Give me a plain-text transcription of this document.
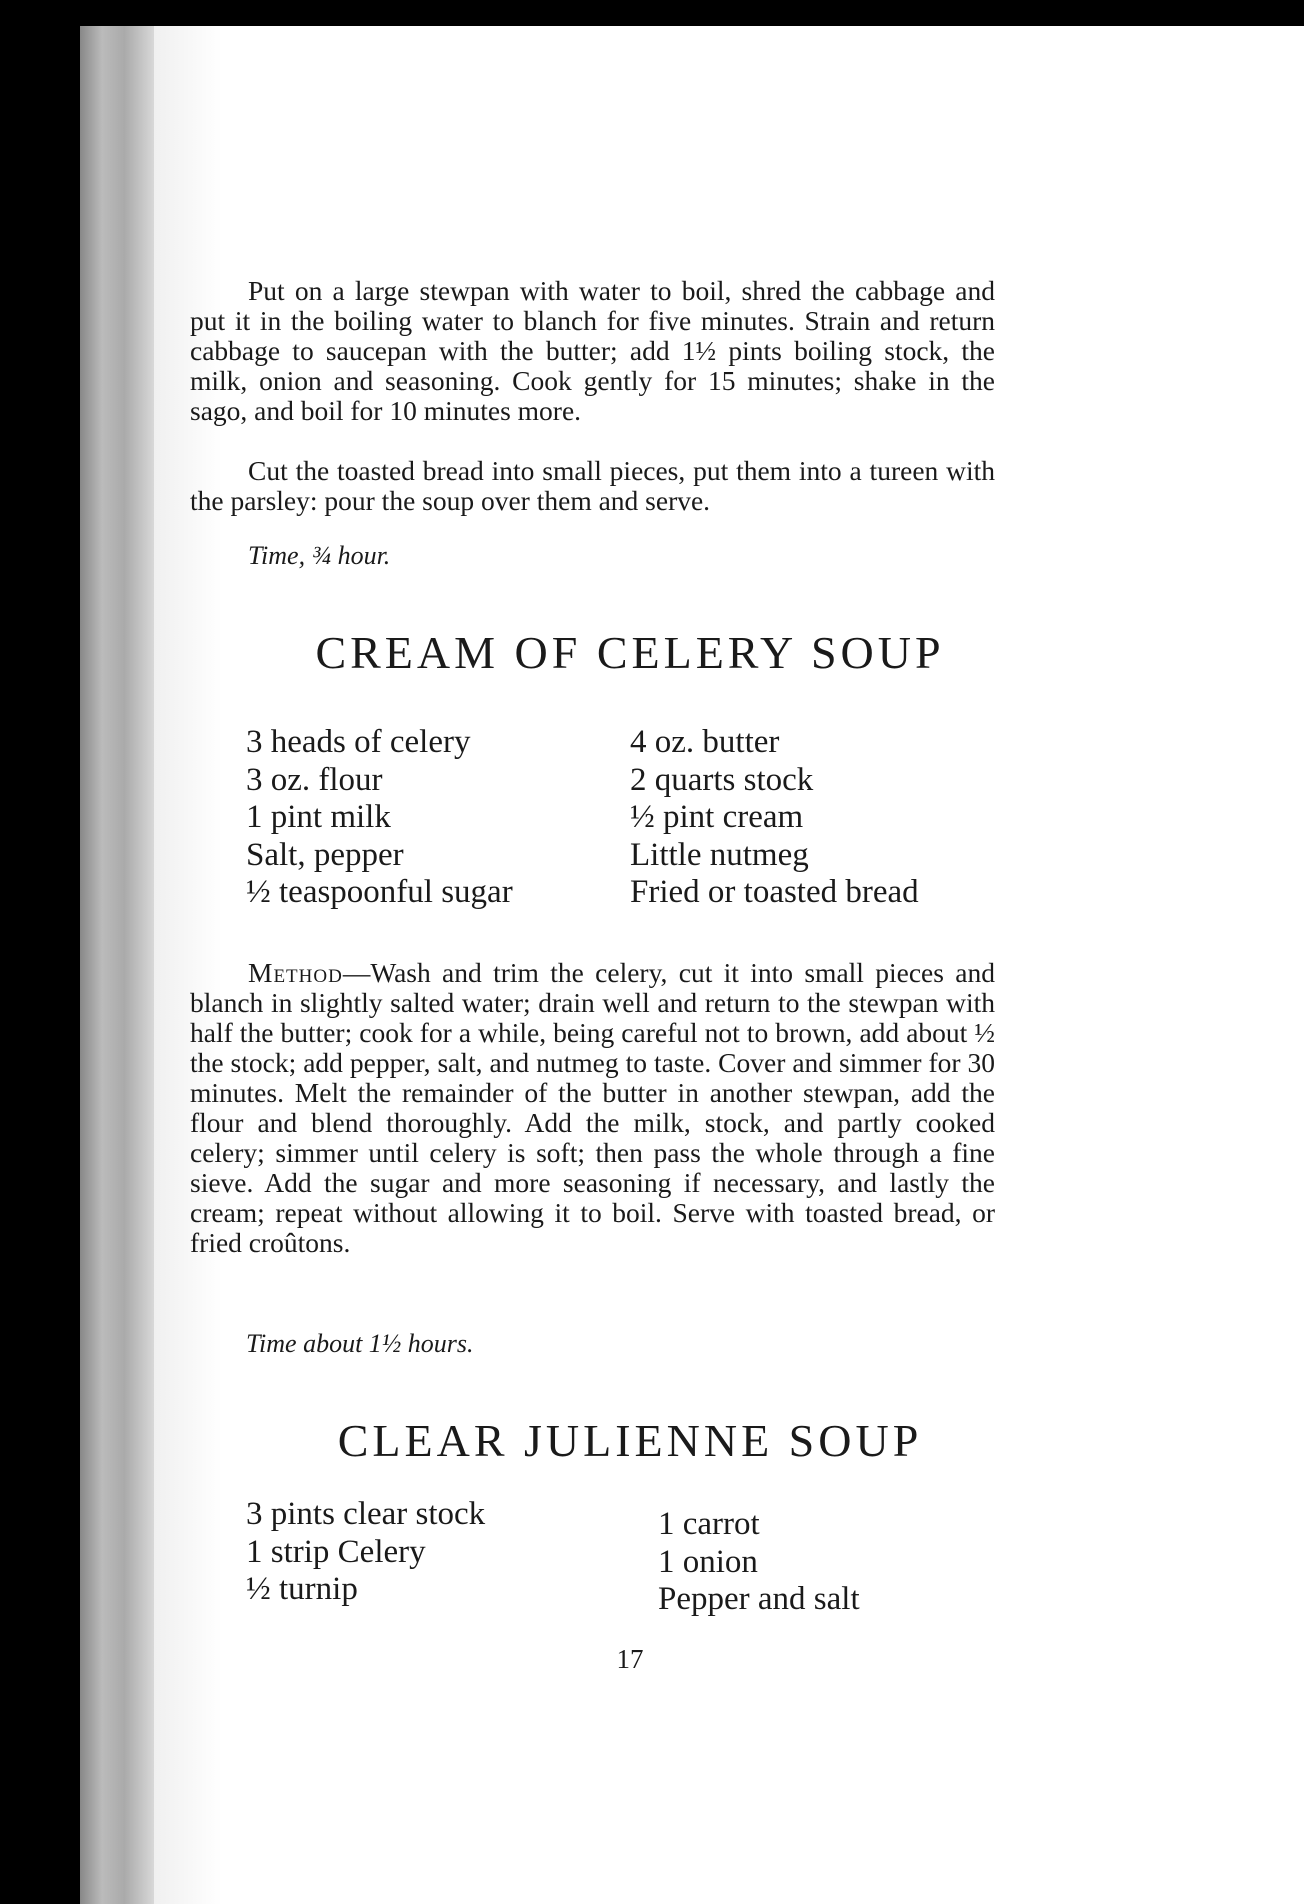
Put on a large stewpan with water to boil, shred the cabbage and put it in the boiling water to blanch for five minutes. Strain and return cabbage to saucepan with the butter; add 1½ pints boiling stock, the milk, onion and seasoning. Cook gently for 15 minutes; shake in the sago, and boil for 10 minutes more.

Cut the toasted bread into small pieces, put them into a tureen with the parsley: pour the soup over them and serve.

Time, ¾ hour.

CREAM OF CELERY SOUP
3 heads of celery
3 oz. flour
1 pint milk
Salt, pepper
½ teaspoonful sugar
4 oz. butter
2 quarts stock
½ pint cream
Little nutmeg
Fried or toasted bread

Method—Wash and trim the celery, cut it into small pieces and blanch in slightly salted water; drain well and return to the stewpan with half the butter; cook for a while, being careful not to brown, add about ½ the stock; add pepper, salt, and nutmeg to taste. Cover and simmer for 30 minutes. Melt the remainder of the butter in another stewpan, add the flour and blend thoroughly. Add the milk, stock, and partly cooked celery; simmer until celery is soft; then pass the whole through a fine sieve. Add the sugar and more seasoning if necessary, and lastly the cream; repeat without allowing it to boil. Serve with toasted bread, or fried croûtons.

Time about 1½ hours.

CLEAR JULIENNE SOUP
3 pints clear stock
1 strip Celery
½ turnip
1 carrot
1 onion
Pepper and salt

17
